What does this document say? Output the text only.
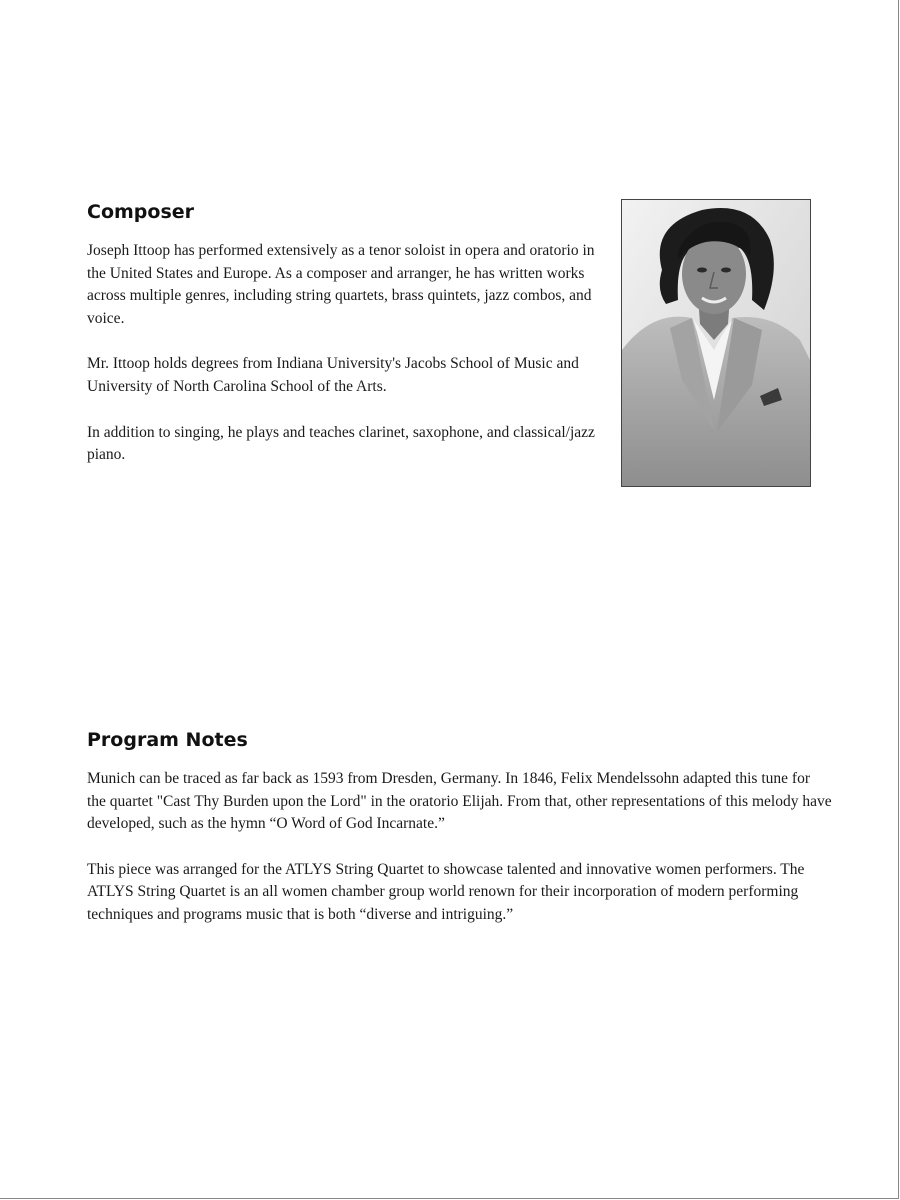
Composer

Joseph Ittoop has performed extensively as a tenor soloist in opera and oratorio in the United States and Europe. As a composer and arranger, he has written works across multiple genres, including string quartets, brass quintets, jazz combos, and voice.

Mr. Ittoop holds degrees from Indiana University's Jacobs School of Music and University of North Carolina School of the Arts.

In addition to singing, he plays and teaches clarinet, saxophone, and classical/jazz piano.

Program Notes

Munich can be traced as far back as 1593 from Dresden, Germany. In 1846, Felix Mendelssohn adapted this tune for the quartet "Cast Thy Burden upon the Lord" in the oratorio Elijah. From that, other representations of this melody have developed, such as the hymn “O Word of God Incarnate.”

This piece was arranged for the ATLYS String Quartet to showcase talented and innovative women performers. The ATLYS String Quartet is an all women chamber group world renown for their incorporation of modern performing techniques and programs music that is both “diverse and intriguing.”
